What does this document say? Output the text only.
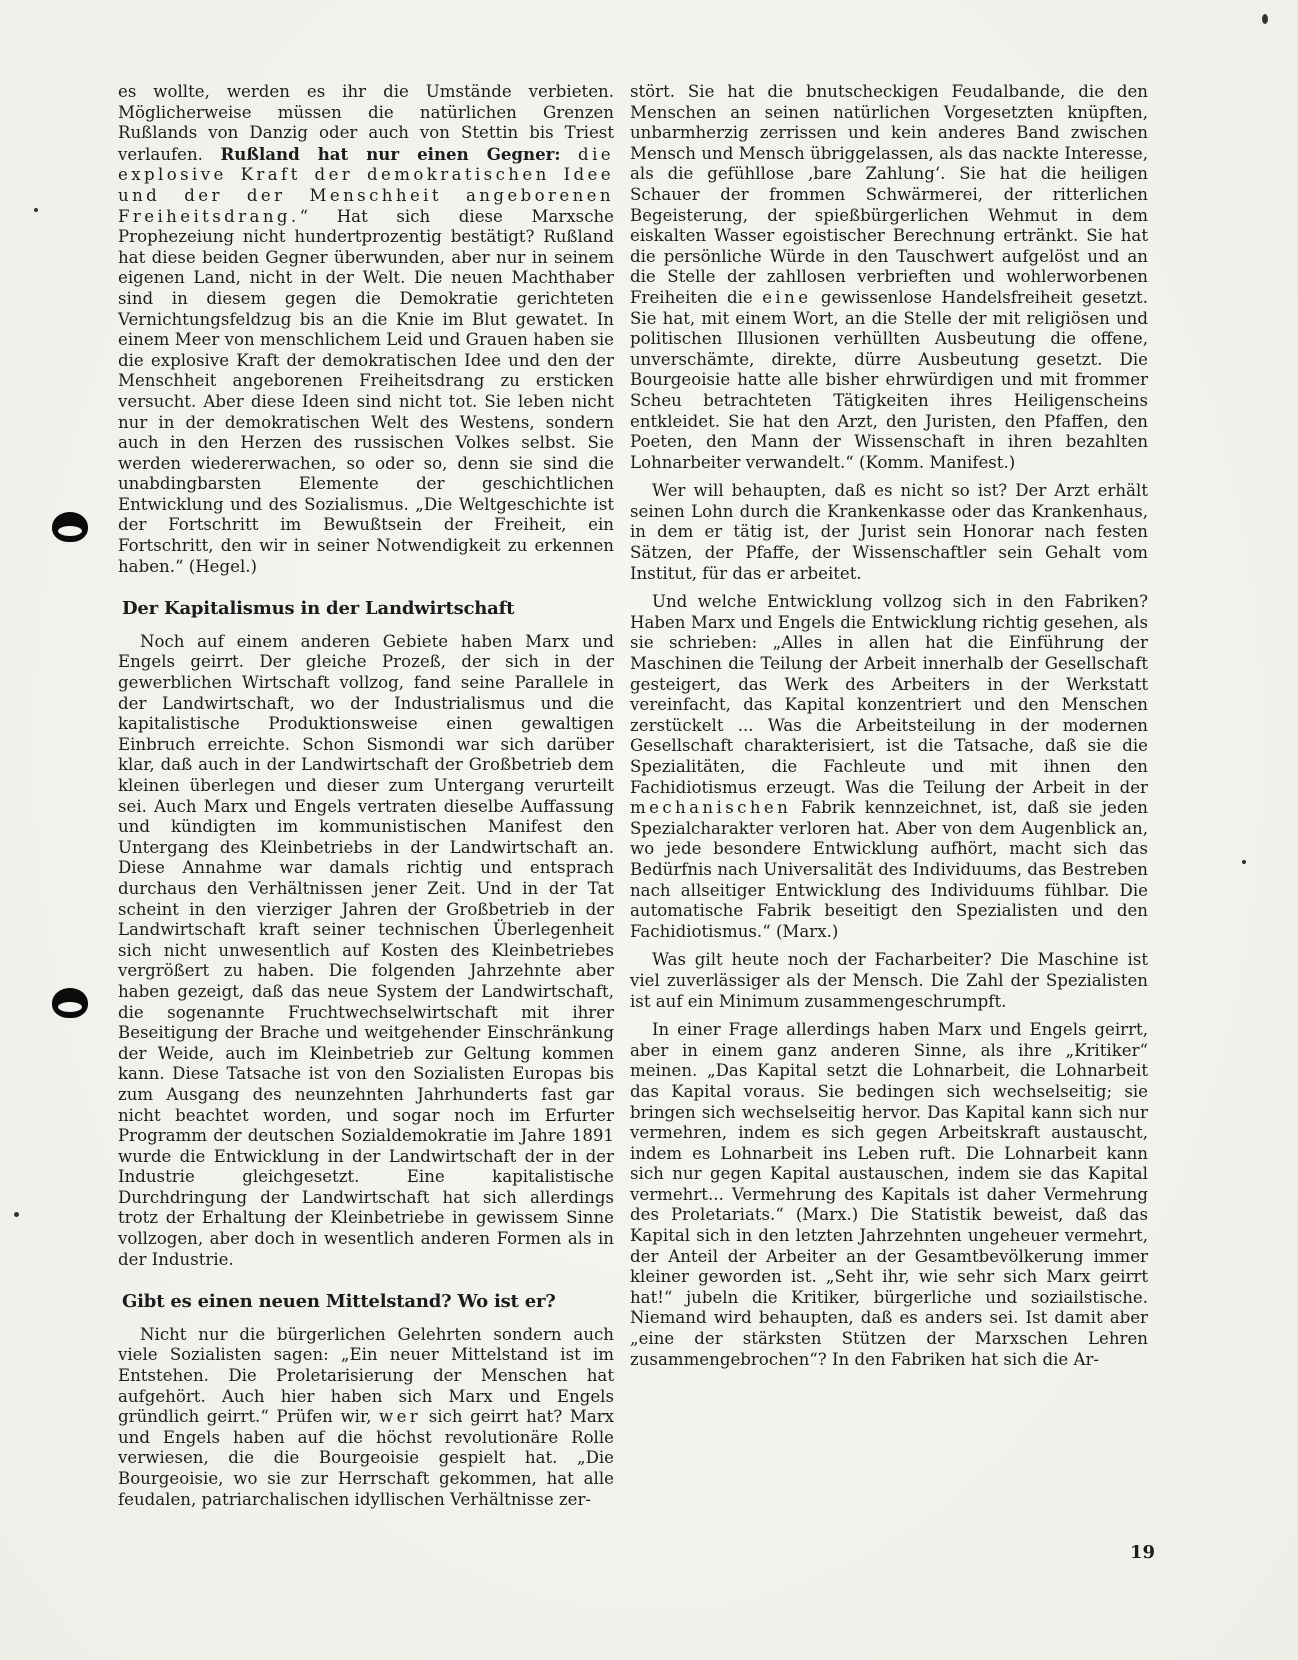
es wollte, werden es ihr die Umstände verbieten. Möglicherweise müssen die natürlichen Grenzen Rußlands von Danzig oder auch von Stettin bis Triest verlaufen. Rußland hat nur einen Gegner: die explosive Kraft der demokratischen Idee und der der Menschheit angeborenen Freiheitsdrang.“ Hat sich diese Marxsche Prophezeiung nicht hundertprozentig bestätigt? Rußland hat diese beiden Gegner überwunden, aber nur in seinem eigenen Land, nicht in der Welt. Die neuen Machthaber sind in diesem gegen die Demokratie gerichteten Vernichtungsfeldzug bis an die Knie im Blut gewatet. In einem Meer von menschlichem Leid und Grauen haben sie die explosive Kraft der demokratischen Idee und den der Menschheit angeborenen Freiheitsdrang zu ersticken versucht. Aber diese Ideen sind nicht tot. Sie leben nicht nur in der demokratischen Welt des Westens, sondern auch in den Herzen des russischen Volkes selbst. Sie werden wiedererwachen, so oder so, denn sie sind die unabdingbarsten Elemente der geschichtlichen Entwicklung und des Sozialismus. „Die Weltgeschichte ist der Fortschritt im Bewußtsein der Freiheit, ein Fortschritt, den wir in seiner Notwendigkeit zu erkennen haben.“ (Hegel.)

Der Kapitalismus in der Landwirtschaft

Noch auf einem anderen Gebiete haben Marx und Engels geirrt. Der gleiche Prozeß, der sich in der gewerblichen Wirtschaft vollzog, fand seine Parallele in der Landwirtschaft, wo der Industrialismus und die kapitalistische Produktionsweise einen gewaltigen Einbruch erreichte. Schon Sismondi war sich darüber klar, daß auch in der Landwirtschaft der Großbetrieb dem kleinen überlegen und dieser zum Untergang verurteilt sei. Auch Marx und Engels vertraten dieselbe Auffassung und kündigten im kommunistischen Manifest den Untergang des Kleinbetriebs in der Landwirtschaft an. Diese Annahme war damals richtig und entsprach durchaus den Verhältnissen jener Zeit. Und in der Tat scheint in den vierziger Jahren der Großbetrieb in der Landwirtschaft kraft seiner technischen Überlegenheit sich nicht unwesentlich auf Kosten des Kleinbetriebes vergrößert zu haben. Die folgenden Jahrzehnte aber haben gezeigt, daß das neue System der Landwirtschaft, die sogenannte Fruchtwechselwirtschaft mit ihrer Beseitigung der Brache und weitgehender Einschränkung der Weide, auch im Kleinbetrieb zur Geltung kommen kann. Diese Tatsache ist von den Sozialisten Europas bis zum Ausgang des neunzehnten Jahrhunderts fast gar nicht beachtet worden, und sogar noch im Erfurter Programm der deutschen Sozialdemokratie im Jahre 1891 wurde die Entwicklung in der Landwirtschaft der in der Industrie gleichgesetzt. Eine kapitalistische Durchdringung der Landwirtschaft hat sich allerdings trotz der Erhaltung der Kleinbetriebe in gewissem Sinne vollzogen, aber doch in wesentlich anderen Formen als in der Industrie.

Gibt es einen neuen Mittelstand? Wo ist er?

Nicht nur die bürgerlichen Gelehrten sondern auch viele Sozialisten sagen: „Ein neuer Mittelstand ist im Entstehen. Die Proletarisierung der Menschen hat aufgehört. Auch hier haben sich Marx und Engels gründlich geirrt.“ Prüfen wir, wer sich geirrt hat? Marx und Engels haben auf die höchst revolutionäre Rolle verwiesen, die die Bourgeoisie gespielt hat. „Die Bourgeoisie, wo sie zur Herrschaft gekommen, hat alle feudalen, patriarchalischen idyllischen Verhältnisse zer-

stört. Sie hat die bnutscheckigen Feudalbande, die den Menschen an seinen natürlichen Vorgesetzten knüpften, unbarmherzig zerrissen und kein anderes Band zwischen Mensch und Mensch übriggelassen, als das nackte Interesse, als die gefühllose ‚bare Zahlung‘. Sie hat die heiligen Schauer der frommen Schwärmerei, der ritterlichen Begeisterung, der spießbürgerlichen Wehmut in dem eiskalten Wasser egoistischer Berechnung ertränkt. Sie hat die persönliche Würde in den Tauschwert aufgelöst und an die Stelle der zahllosen verbrieften und wohlerworbenen Freiheiten die eine gewissenlose Handelsfreiheit gesetzt. Sie hat, mit einem Wort, an die Stelle der mit religiösen und politischen Illusionen verhüllten Ausbeutung die offene, unverschämte, direkte, dürre Ausbeutung gesetzt. Die Bourgeoisie hatte alle bisher ehrwürdigen und mit frommer Scheu betrachteten Tätigkeiten ihres Heiligenscheins entkleidet. Sie hat den Arzt, den Juristen, den Pfaffen, den Poeten, den Mann der Wissenschaft in ihren bezahlten Lohnarbeiter verwandelt.“ (Komm. Manifest.)

Wer will behaupten, daß es nicht so ist? Der Arzt erhält seinen Lohn durch die Krankenkasse oder das Krankenhaus, in dem er tätig ist, der Jurist sein Honorar nach festen Sätzen, der Pfaffe, der Wissenschaftler sein Gehalt vom Institut, für das er arbeitet.

Und welche Entwicklung vollzog sich in den Fabriken? Haben Marx und Engels die Entwicklung richtig gesehen, als sie schrieben: „Alles in allen hat die Einführung der Maschinen die Teilung der Arbeit innerhalb der Gesellschaft gesteigert, das Werk des Arbeiters in der Werkstatt vereinfacht, das Kapital konzentriert und den Menschen zerstückelt ... Was die Arbeitsteilung in der modernen Gesellschaft charakterisiert, ist die Tatsache, daß sie die Spezialitäten, die Fachleute und mit ihnen den Fachidiotismus erzeugt. Was die Teilung der Arbeit in der mechanischen Fabrik kennzeichnet, ist, daß sie jeden Spezialcharakter verloren hat. Aber von dem Augenblick an, wo jede besondere Entwicklung aufhört, macht sich das Bedürfnis nach Universalität des Individuums, das Bestreben nach allseitiger Entwicklung des Individuums fühlbar. Die automatische Fabrik beseitigt den Spezialisten und den Fachidiotismus.“ (Marx.)

Was gilt heute noch der Facharbeiter? Die Maschine ist viel zuverlässiger als der Mensch. Die Zahl der Spezialisten ist auf ein Minimum zusammengeschrumpft.

In einer Frage allerdings haben Marx und Engels geirrt, aber in einem ganz anderen Sinne, als ihre „Kritiker“ meinen. „Das Kapital setzt die Lohnarbeit, die Lohnarbeit das Kapital voraus. Sie bedingen sich wechselseitig; sie bringen sich wechselseitig hervor. Das Kapital kann sich nur vermehren, indem es sich gegen Arbeitskraft austauscht, indem es Lohnarbeit ins Leben ruft. Die Lohnarbeit kann sich nur gegen Kapital austauschen, indem sie das Kapital vermehrt... Vermehrung des Kapitals ist daher Vermehrung des Proletariats.“ (Marx.) Die Statistik beweist, daß das Kapital sich in den letzten Jahrzehnten ungeheuer vermehrt, der Anteil der Arbeiter an der Gesamtbevölkerung immer kleiner geworden ist. „Seht ihr, wie sehr sich Marx geirrt hat!“ jubeln die Kritiker, bürgerliche und soziailstische. Niemand wird behaupten, daß es anders sei. Ist damit aber „eine der stärksten Stützen der Marxschen Lehren zusammengebrochen“? In den Fabriken hat sich die Ar-

19
